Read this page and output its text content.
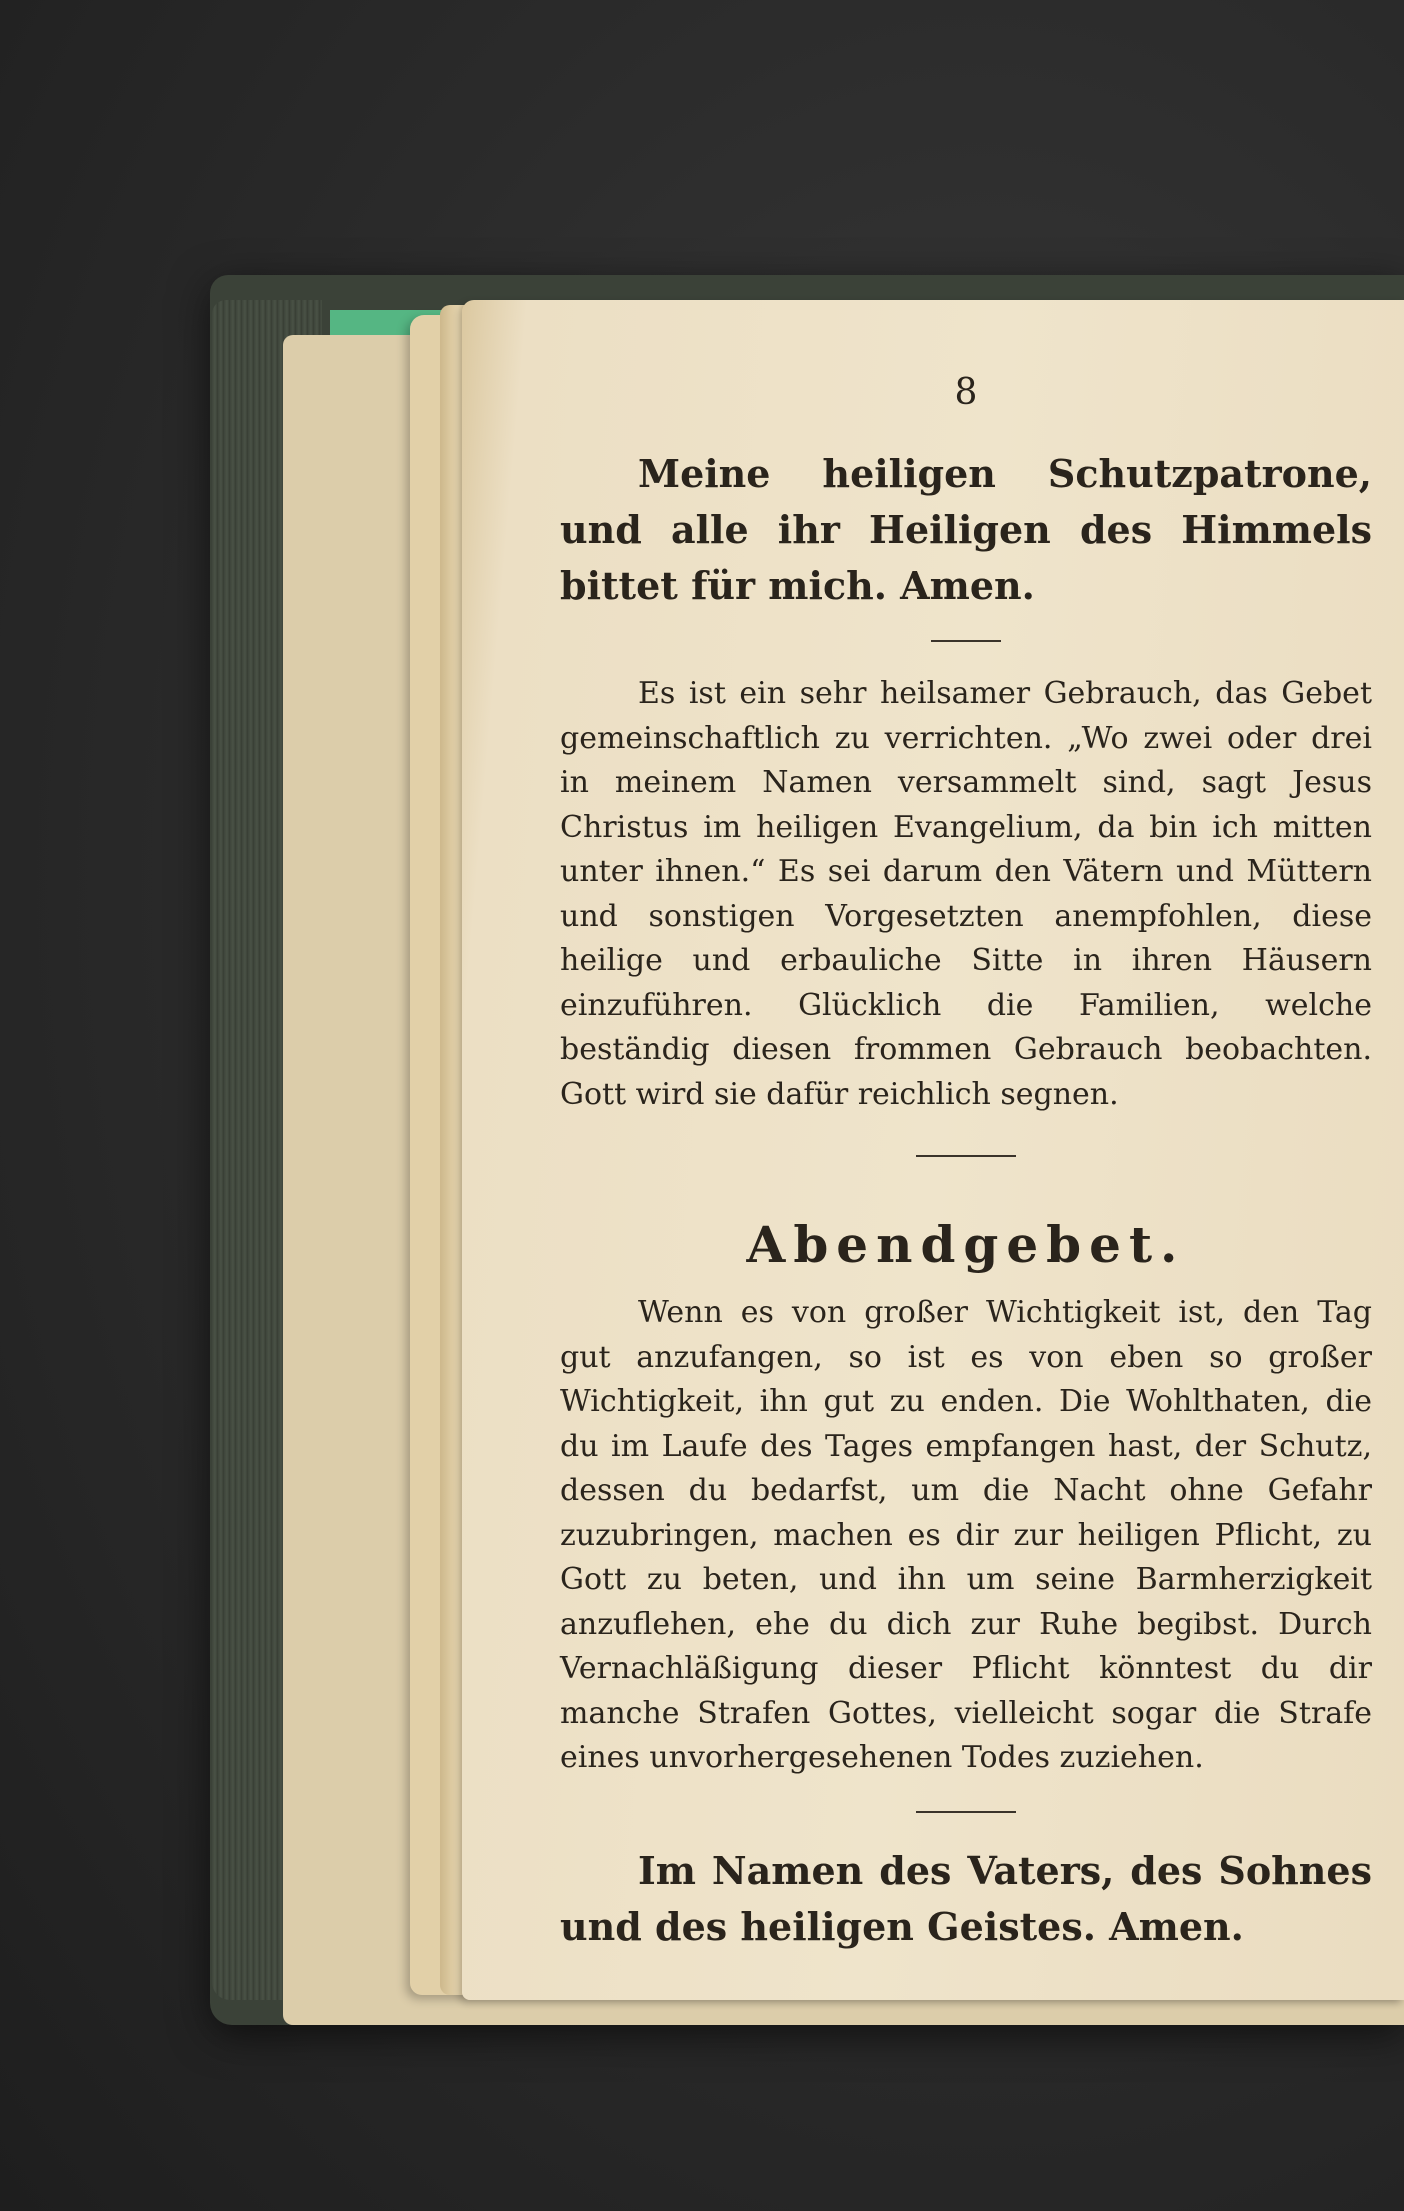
8

Meine heiligen Schutzpatrone, und alle ihr Heiligen des Himmels bittet für mich. Amen.

Es ist ein sehr heilsamer Gebrauch, das Gebet gemeinschaftlich zu verrichten. „Wo zwei oder drei in meinem Namen versammelt sind, sagt Jesus Christus im heiligen Evangelium, da bin ich mitten unter ihnen.“ Es sei darum den Vätern und Müttern und sonstigen Vorgesetzten anempfohlen, diese heilige und erbauliche Sitte in ihren Häusern einzuführen. Glücklich die Familien, welche beständig diesen frommen Gebrauch beobachten. Gott wird sie dafür reichlich segnen.

Abendgebet.

Wenn es von großer Wichtigkeit ist, den Tag gut anzufangen, so ist es von eben so großer Wichtigkeit, ihn gut zu enden. Die Wohlthaten, die du im Laufe des Tages empfangen hast, der Schutz, dessen du bedarfst, um die Nacht ohne Gefahr zuzubringen, machen es dir zur heiligen Pflicht, zu Gott zu beten, und ihn um seine Barmherzigkeit anzuflehen, ehe du dich zur Ruhe begibst. Durch Vernachläßigung dieser Pflicht könntest du dir manche Strafen Gottes, vielleicht sogar die Strafe eines unvorhergesehenen Todes zuziehen.

Im Namen des Vaters, des Sohnes und des heiligen Geistes. Amen.
